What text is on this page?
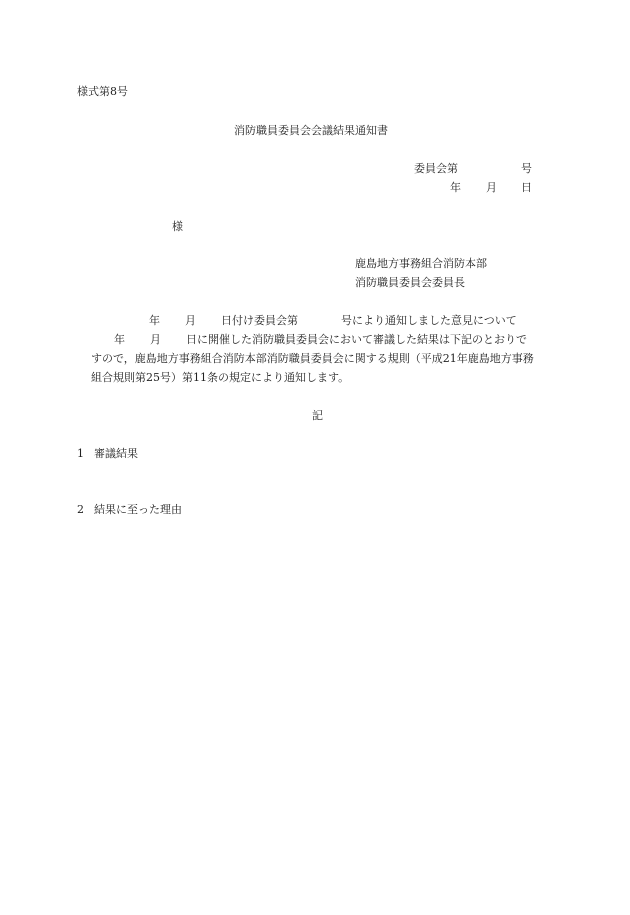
様式第8号
消防職員委員会会議結果通知書
委員会第	号
年 月 日
様
鹿島地方事務組合消防本部
消防職員委員会委員長
年 月 日付け委員会第	号により通知しました意見について
年 月 日に開催した消防職員委員会において審議した結果は下記のとおりで
すので，鹿島地方事務組合消防本部消防職員委員会に関する規則（平成21年鹿島地方事務
組合規則第25号）第11条の規定により通知します。
記
1 審議結果
2 結果に至った理由
